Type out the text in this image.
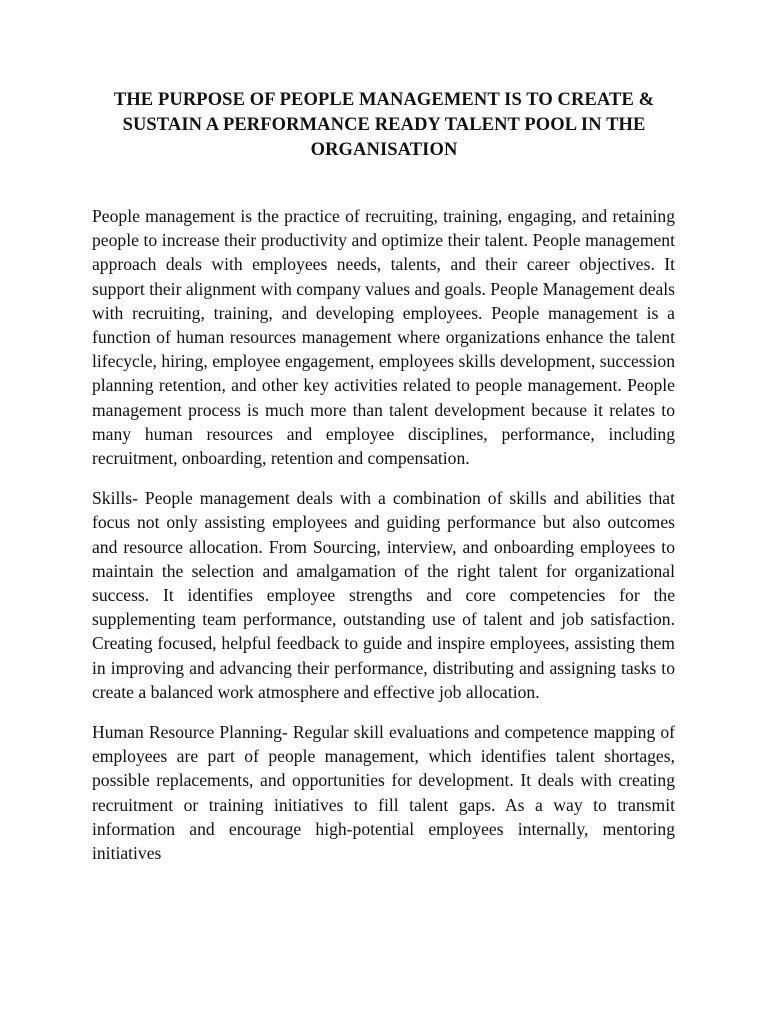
THE PURPOSE OF PEOPLE MANAGEMENT IS TO CREATE & SUSTAIN A PERFORMANCE READY TALENT POOL IN THE ORGANISATION

People management is the practice of recruiting, training, engaging, and retaining people to increase their productivity and optimize their talent. People management approach deals with employees needs, talents, and their career objectives. It support their alignment with company values and goals. People Management deals with recruiting, training, and developing employees. People management is a function of human resources management where organizations enhance the talent lifecycle, hiring, employee engagement, employees skills development, succession planning retention, and other key activities related to people management. People management process is much more than talent development because it relates to many human resources and employee disciplines, performance, including recruitment, onboarding, retention and compensation.

Skills- People management deals with a combination of skills and abilities that focus not only assisting employees and guiding performance but also outcomes and resource allocation. From Sourcing, interview, and onboarding employees to maintain the selection and amalgamation of the right talent for organizational success. It identifies employee strengths and core competencies for the supplementing team performance, outstanding use of talent and job satisfaction. Creating focused, helpful feedback to guide and inspire employees, assisting them in improving and advancing their performance, distributing and assigning tasks to create a balanced work atmosphere and effective job allocation.

Human Resource Planning- Regular skill evaluations and competence mapping of employees are part of people management, which identifies talent shortages, possible replacements, and opportunities for development. It deals with creating recruitment or training initiatives to fill talent gaps. As a way to transmit information and encourage high-potential employees internally, mentoring initiatives
